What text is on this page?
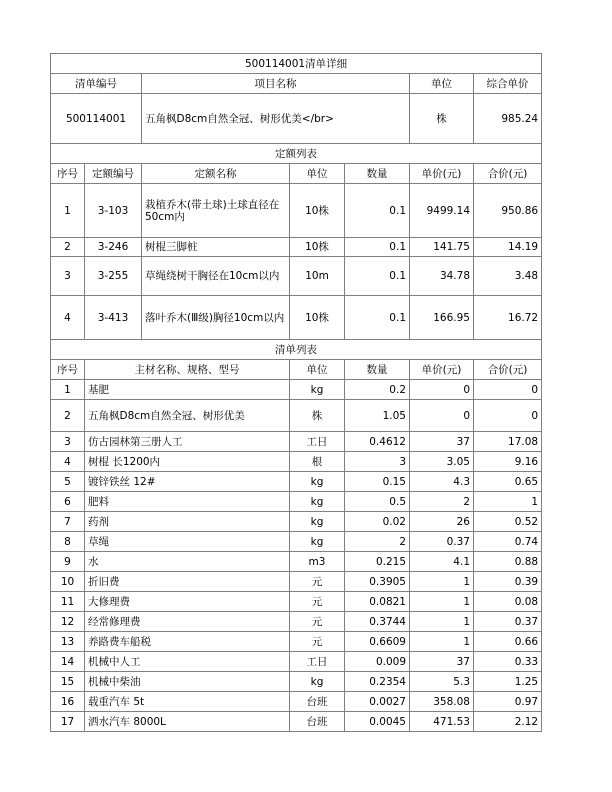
500114001清单详细						
清单编号		项目名称			单位	综合单价
500114001		五角枫D8cm自然全冠、树形优美</br>			株	985.24
定额列表						
序号	定额编号	定额名称	单位	数量	单价(元)	合价(元)
1	3-103	栽植乔木(带土球)土球直径在50cm内	10株	0.1	9499.14	950.86
2	3-246	树棍三脚桩	10株	0.1	141.75	14.19
3	3-255	草绳绕树干胸径在10cm以内	10m	0.1	34.78	3.48
4	3-413	落叶乔木(Ⅲ级)胸径10cm以内	10株	0.1	166.95	16.72
清单列表						
序号	主材名称、规格、型号		单位	数量	单价(元)	合价(元)
1	基肥		kg	0.2	0	0
2	五角枫D8cm自然全冠、树形优美		株	1.05	0	0
3	仿古园林第三册人工		工日	0.4612	37	17.08
4	树棍 长1200内		根	3	3.05	9.16
5	镀锌铁丝 12#		kg	0.15	4.3	0.65
6	肥料		kg	0.5	2	1
7	药剂		kg	0.02	26	0.52
8	草绳		kg	2	0.37	0.74
9	水		m3	0.215	4.1	0.88
10	折旧费		元	0.3905	1	0.39
11	大修理费		元	0.0821	1	0.08
12	经常修理费		元	0.3744	1	0.37
13	养路费车船税		元	0.6609	1	0.66
14	机械中人工		工日	0.009	37	0.33
15	机械中柴油		kg	0.2354	5.3	1.25
16	载重汽车 5t		台班	0.0027	358.08	0.97
17	洒水汽车 8000L		台班	0.0045	471.53	2.12
